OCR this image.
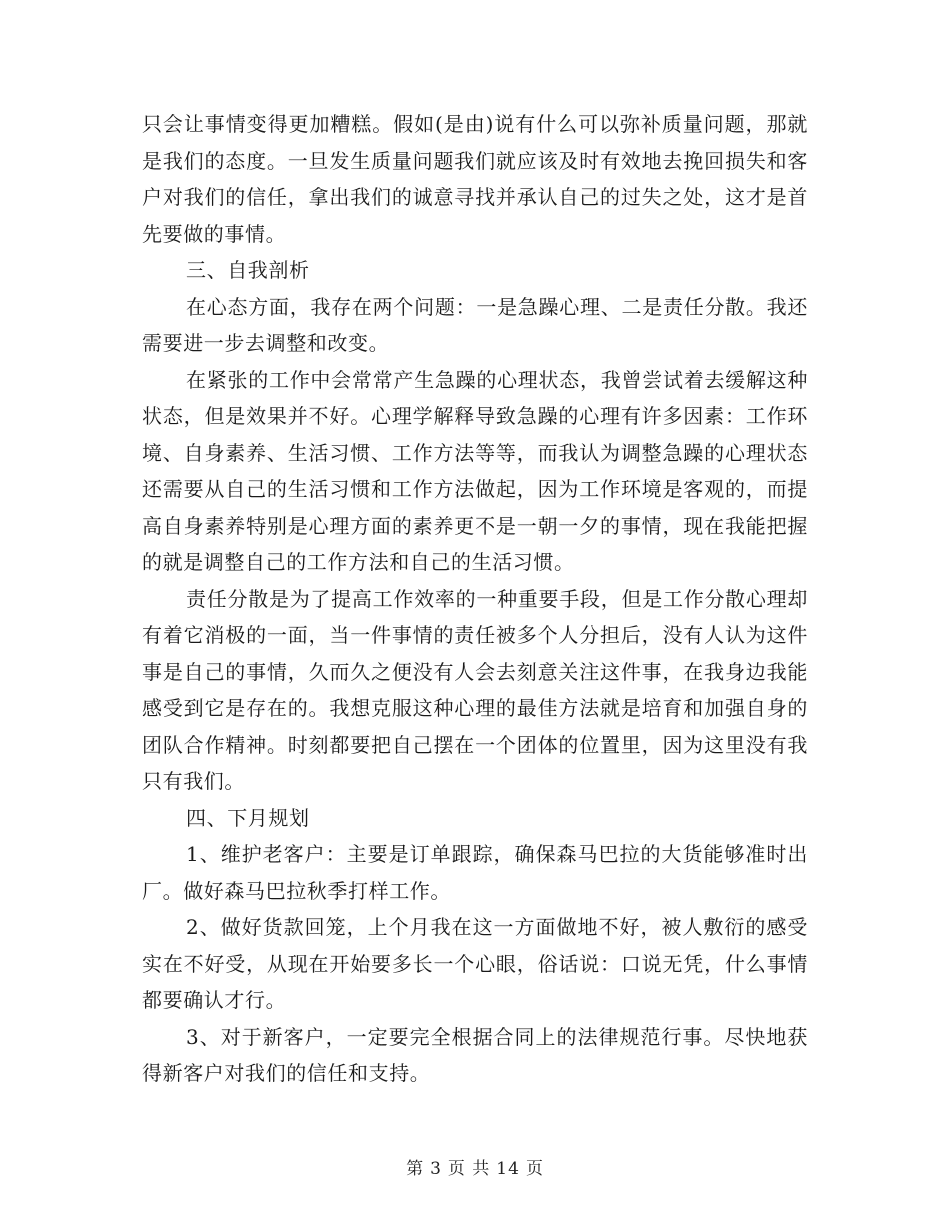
只会让事情变得更加糟糕。假如(是由)说有什么可以弥补质量问题，那就是我们的态度。一旦发生质量问题我们就应该及时有效地去挽回损失和客户对我们的信任，拿出我们的诚意寻找并承认自己的过失之处，这才是首先要做的事情。

三、自我剖析

在心态方面，我存在两个问题：一是急躁心理、二是责任分散。我还需要进一步去调整和改变。

在紧张的工作中会常常产生急躁的心理状态，我曾尝试着去缓解这种状态，但是效果并不好。心理学解释导致急躁的心理有许多因素：工作环境、自身素养、生活习惯、工作方法等等，而我认为调整急躁的心理状态还需要从自己的生活习惯和工作方法做起，因为工作环境是客观的，而提高自身素养特别是心理方面的素养更不是一朝一夕的事情，现在我能把握的就是调整自己的工作方法和自己的生活习惯。

责任分散是为了提高工作效率的一种重要手段，但是工作分散心理却有着它消极的一面，当一件事情的责任被多个人分担后，没有人认为这件事是自己的事情，久而久之便没有人会去刻意关注这件事，在我身边我能感受到它是存在的。我想克服这种心理的最佳方法就是培育和加强自身的团队合作精神。时刻都要把自己摆在一个团体的位置里，因为这里没有我只有我们。

四、下月规划

1、维护老客户：主要是订单跟踪，确保森马巴拉的大货能够准时出厂。做好森马巴拉秋季打样工作。

2、做好货款回笼，上个月我在这一方面做地不好，被人敷衍的感受实在不好受，从现在开始要多长一个心眼，俗话说：口说无凭，什么事情都要确认才行。

3、对于新客户，一定要完全根据合同上的法律规范行事。尽快地获得新客户对我们的信任和支持。

第 3 页 共 14 页
